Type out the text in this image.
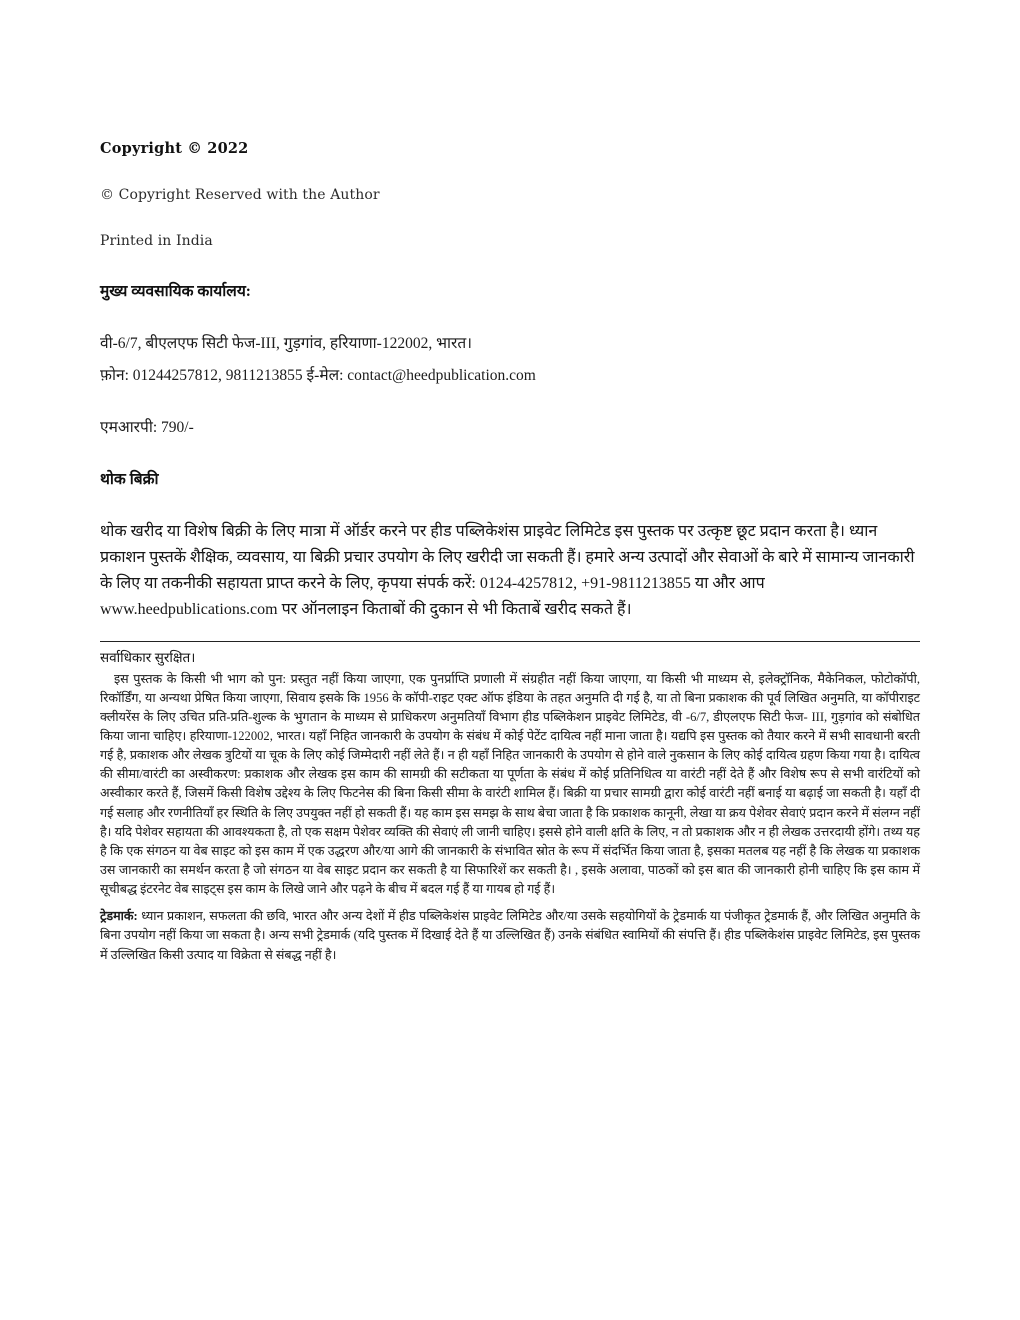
Copyright © 2022
© Copyright Reserved with the Author
Printed in India
मुख्य व्यवसायिक कार्यालय:
वी-6/7, बीएलएफ सिटी फेज-III, गुड़गांव, हरियाणा-122002, भारत।
फ़ोन: 01244257812, 9811213855 ई-मेल: contact@heedpublication.com
एमआरपी: 790/-
थोक बिक्री
थोक खरीद या विशेष बिक्री के लिए मात्रा में ऑर्डर करने पर हीड पब्लिकेशंस प्राइवेट लिमिटेड इस पुस्तक पर उत्कृष्ट छूट प्रदान करता है। ध्यान प्रकाशन पुस्तकें शैक्षिक, व्यवसाय, या बिक्री प्रचार उपयोग के लिए खरीदी जा सकती हैं। हमारे अन्य उत्पादों और सेवाओं के बारे में सामान्य जानकारी के लिए या तकनीकी सहायता प्राप्त करने के लिए, कृपया संपर्क करें: 0124-4257812, +91-9811213855 या और आप www.heedpublications.com पर ऑनलाइन किताबों की दुकान से भी किताबें खरीद सकते हैं।
सर्वाधिकार सुरक्षित।
इस पुस्तक के किसी भी भाग को पुन: प्रस्तुत नहीं किया जाएगा, एक पुनर्प्राप्ति प्रणाली में संग्रहीत नहीं किया जाएगा, या किसी भी माध्यम से, इलेक्ट्रॉनिक, मैकेनिकल, फोटोकॉपी, रिकॉर्डिंग, या अन्यथा प्रेषित किया जाएगा, सिवाय इसके कि 1956 के कॉपी-राइट एक्ट ऑफ इंडिया के तहत अनुमति दी गई है, या तो बिना प्रकाशक की पूर्व लिखित अनुमति, या कॉपीराइट क्लीयरेंस के लिए उचित प्रति-प्रति-शुल्क के भुगतान के माध्यम से प्राधिकरण अनुमतियाँ विभाग हीड पब्लिकेशन प्राइवेट लिमिटेड, वी -6/7, डीएलएफ सिटी फेज- III, गुड़गांव को संबोधित किया जाना चाहिए। हरियाणा-122002, भारत। यहाँ निहित जानकारी के उपयोग के संबंध में कोई पेटेंट दायित्व नहीं माना जाता है। यद्यपि इस पुस्तक को तैयार करने में सभी सावधानी बरती गई है, प्रकाशक और लेखक त्रुटियों या चूक के लिए कोई जिम्मेदारी नहीं लेते हैं। न ही यहाँ निहित जानकारी के उपयोग से होने वाले नुकसान के लिए कोई दायित्व ग्रहण किया गया है। दायित्व की सीमा/वारंटी का अस्वीकरण: प्रकाशक और लेखक इस काम की सामग्री की सटीकता या पूर्णता के संबंध में कोई प्रतिनिधित्व या वारंटी नहीं देते हैं और विशेष रूप से सभी वारंटियों को अस्वीकार करते हैं, जिसमें किसी विशेष उद्देश्य के लिए फिटनेस की बिना किसी सीमा के वारंटी शामिल हैं। बिक्री या प्रचार सामग्री द्वारा कोई वारंटी नहीं बनाई या बढ़ाई जा सकती है। यहाँ दी गई सलाह और रणनीतियाँ हर स्थिति के लिए उपयुक्त नहीं हो सकती हैं। यह काम इस समझ के साथ बेचा जाता है कि प्रकाशक कानूनी, लेखा या क्रय पेशेवर सेवाएं प्रदान करने में संलग्न नहीं है। यदि पेशेवर सहायता की आवश्यकता है, तो एक सक्षम पेशेवर व्यक्ति की सेवाएं ली जानी चाहिए। इससे होने वाली क्षति के लिए, न तो प्रकाशक और न ही लेखक उत्तरदायी होंगे। तथ्य यह है कि एक संगठन या वेब साइट को इस काम में एक उद्धरण और/या आगे की जानकारी के संभावित स्रोत के रूप में संदर्भित किया जाता है, इसका मतलब यह नहीं है कि लेखक या प्रकाशक उस जानकारी का समर्थन करता है जो संगठन या वेब साइट प्रदान कर सकती है या सिफारिशें कर सकती है। , इसके अलावा, पाठकों को इस बात की जानकारी होनी चाहिए कि इस काम में सूचीबद्ध इंटरनेट वेब साइट्स इस काम के लिखे जाने और पढ़ने के बीच में बदल गई हैं या गायब हो गई हैं।
ट्रेडमार्क: ध्यान प्रकाशन, सफलता की छवि, भारत और अन्य देशों में हीड पब्लिकेशंस प्राइवेट लिमिटेड और/या उसके सहयोगियों के ट्रेडमार्क या पंजीकृत ट्रेडमार्क हैं, और लिखित अनुमति के बिना उपयोग नहीं किया जा सकता है। अन्य सभी ट्रेडमार्क (यदि पुस्तक में दिखाई देते हैं या उल्लिखित हैं) उनके संबंधित स्वामियों की संपत्ति हैं। हीड पब्लिकेशंस प्राइवेट लिमिटेड, इस पुस्तक में उल्लिखित किसी उत्पाद या विक्रेता से संबद्ध नहीं है।
